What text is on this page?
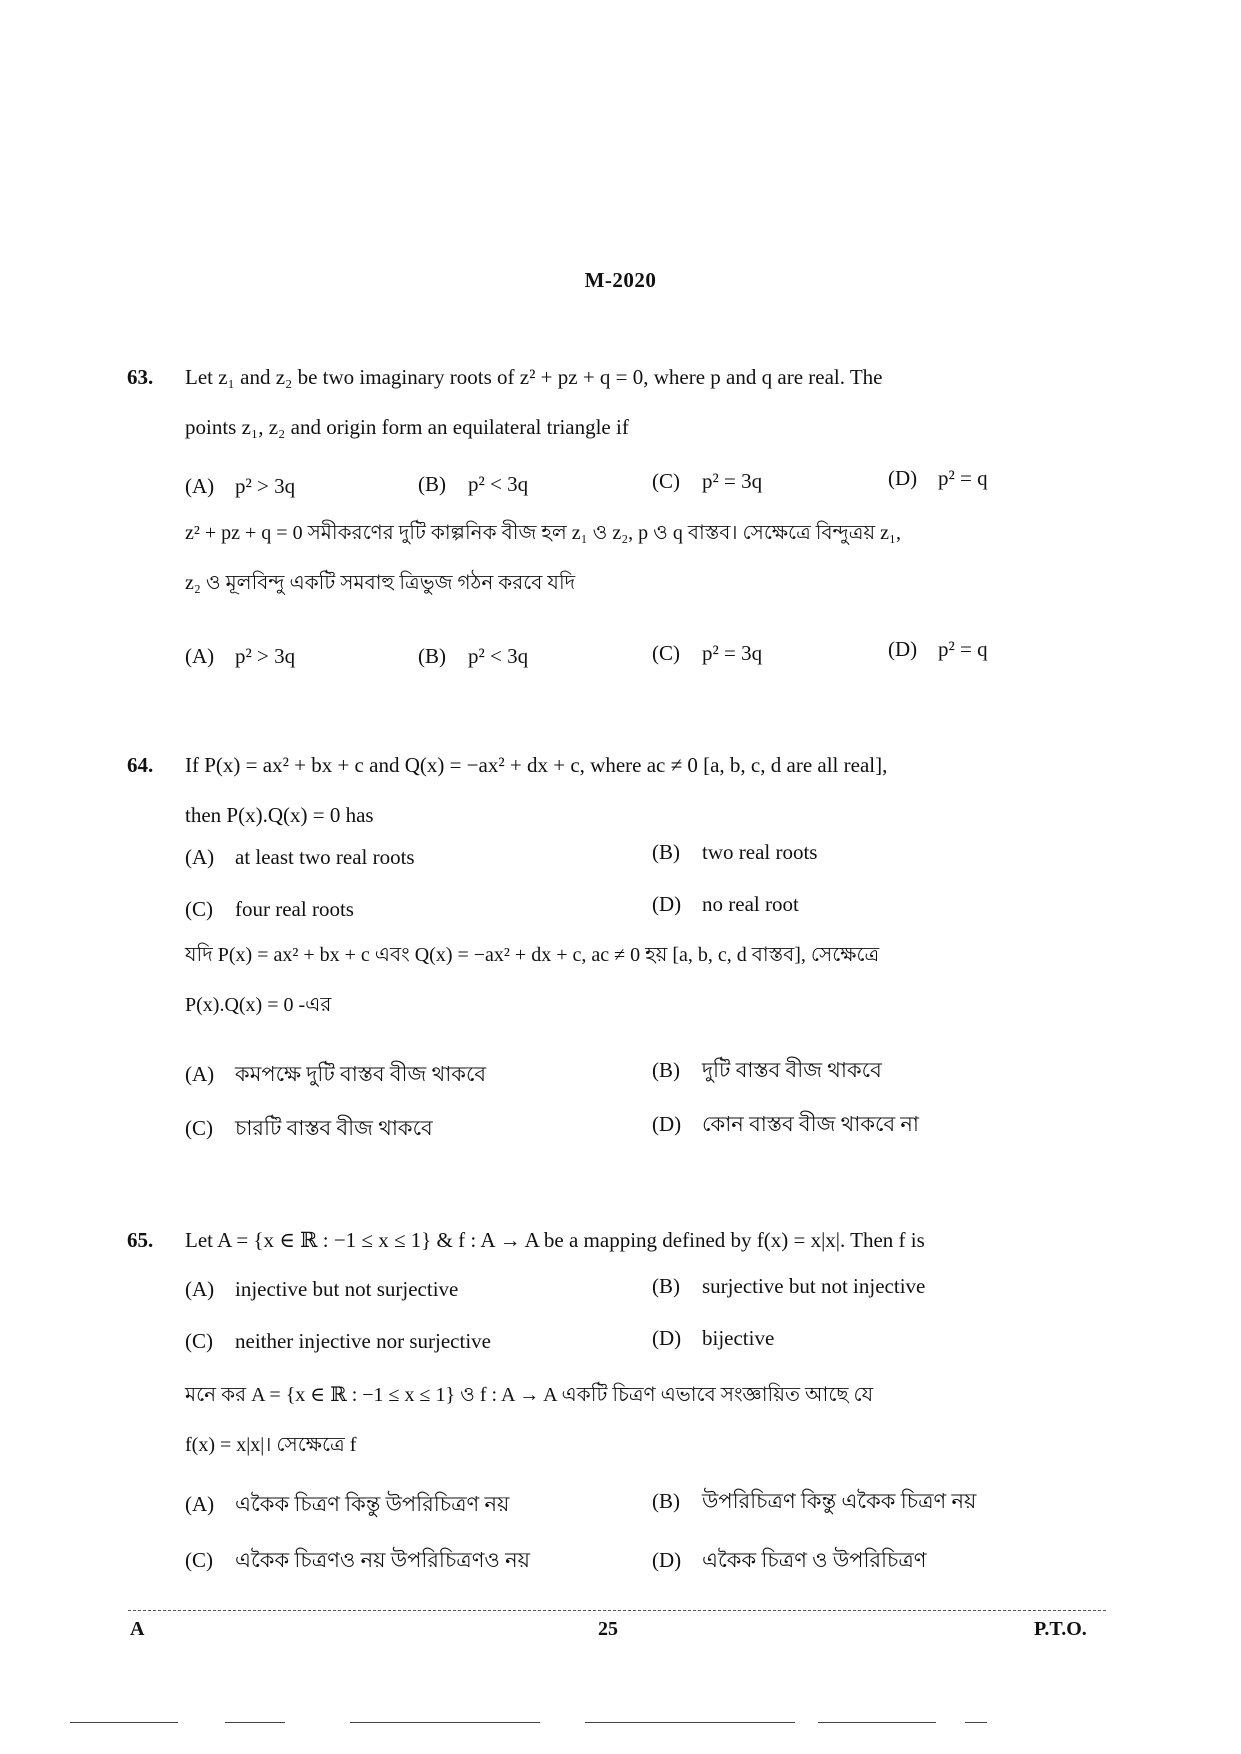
M-2020
63. Let z₁ and z₂ be two imaginary roots of z² + pz + q = 0, where p and q are real. The
points z₁, z₂ and origin form an equilateral triangle if
(A) p² > 3q	(B) p² < 3q	(C) p² = 3q	(D) p² = q
z² + pz + q = 0 সমীকরণের দুটি কাল্পনিক বীজ হল z₁ ও z₂, p ও q বাস্তব। সেক্ষেত্রে বিন্দুত্রয় z₁,
z₂ ও মূলবিন্দু একটি সমবাহু ত্রিভুজ গঠন করবে যদি
(A) p² > 3q	(B) p² < 3q	(C) p² = 3q	(D) p² = q
64. If P(x) = ax² + bx + c and Q(x) = −ax² + dx + c, where ac ≠ 0 [a, b, c, d are all real],
then P(x).Q(x) = 0 has
(A) at least two real roots	(B) two real roots
(C) four real roots	(D) no real root
যদি P(x) = ax² + bx + c এবং Q(x) = −ax² + dx + c, ac ≠ 0 হয় [a, b, c, d বাস্তব], সেক্ষেত্রে
P(x).Q(x) = 0 -এর
(A) কমপক্ষে দুটি বাস্তব বীজ থাকবে	(B) দুটি বাস্তব বীজ থাকবে
(C) চারটি বাস্তব বীজ থাকবে	(D) কোন বাস্তব বীজ থাকবে না
65. Let A = {x ∈ ℝ : −1 ≤ x ≤ 1} & f : A → A be a mapping defined by f(x) = x|x|. Then f is
(A) injective but not surjective	(B) surjective but not injective
(C) neither injective nor surjective	(D) bijective
মনে কর A = {x ∈ ℝ : −1 ≤ x ≤ 1} ও f : A → A একটি চিত্রণ এভাবে সংজ্ঞায়িত আছে যে
f(x) = x|x|। সেক্ষেত্রে f
(A) একৈক চিত্রণ কিন্তু উপরিচিত্রণ নয়	(B) উপরিচিত্রণ কিন্তু একৈক চিত্রণ নয়
(C) একৈক চিত্রণও নয় উপরিচিত্রণও নয়	(D) একৈক চিত্রণ ও উপরিচিত্রণ
A	25	P.T.O.
